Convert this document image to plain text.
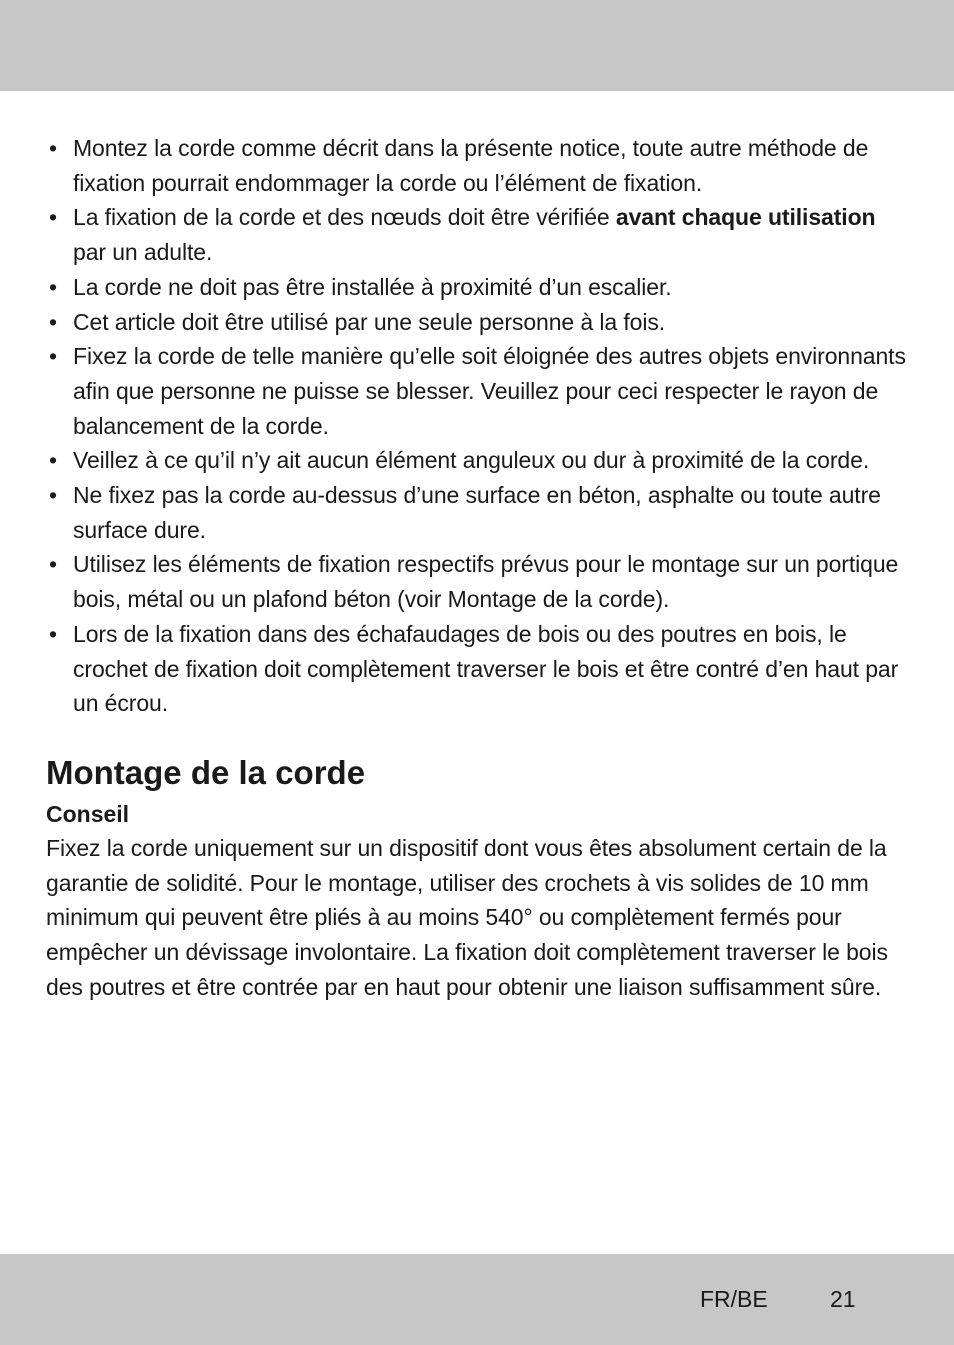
• Montez la corde comme décrit dans la présente notice, toute autre méthode de fixation pourrait endommager la corde ou l’élément de fixation.
• La fixation de la corde et des nœuds doit être vérifiée avant chaque utilisation par un adulte.
• La corde ne doit pas être installée à proximité d’un escalier.
• Cet article doit être utilisé par une seule personne à la fois.
• Fixez la corde de telle manière qu’elle soit éloignée des autres objets environnants afin que personne ne puisse se blesser. Veuillez pour ceci respecter le rayon de balancement de la corde.
• Veillez à ce qu’il n’y ait aucun élément anguleux ou dur à proximité de la corde.
• Ne fixez pas la corde au-dessus d’une surface en béton, asphalte ou toute autre surface dure.
• Utilisez les éléments de fixation respectifs prévus pour le montage sur un portique bois, métal ou un plafond béton (voir Montage de la corde).
• Lors de la fixation dans des échafaudages de bois ou des poutres en bois, le crochet de fixation doit complètement traverser le bois et être contré d’en haut par un écrou.
Montage de la corde
Conseil

Fixez la corde uniquement sur un dispositif dont vous êtes absolument certain de la garantie de solidité. Pour le montage, utiliser des crochets à vis solides de 10 mm minimum qui peuvent être pliés à au moins 540° ou complètement fermés pour empêcher un dévissage involontaire. La fixation doit complètement traverser le bois des poutres et être contrée par en haut pour obtenir une liaison suffisamment sûre.

FR/BE	21
